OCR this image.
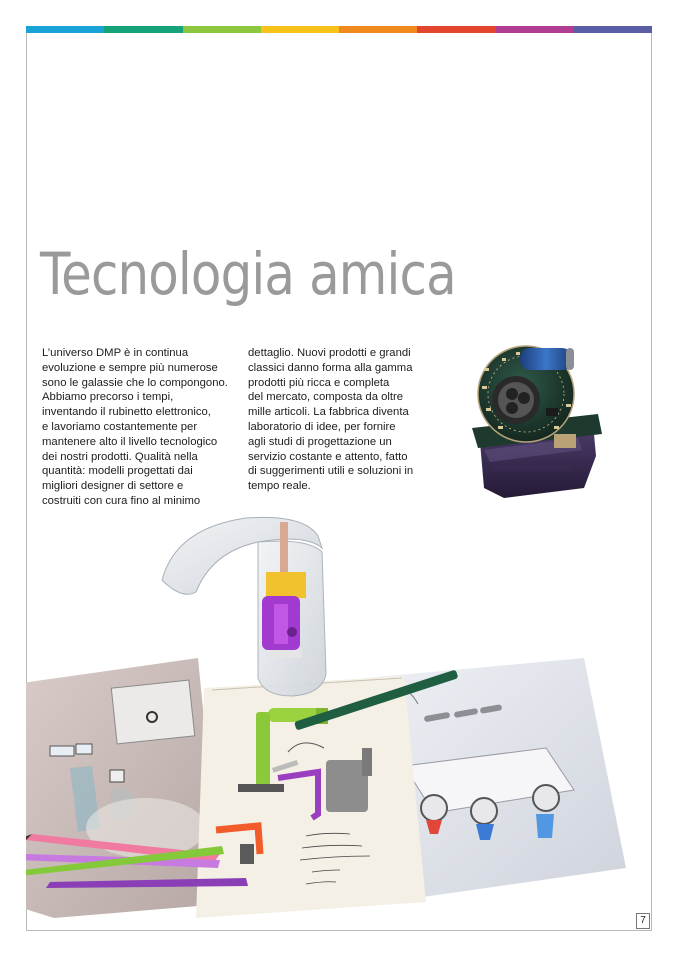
Tecnologia amica
L’universo DMP è in continua
evoluzione e sempre più numerose
sono le galassie che lo compongono.
Abbiamo precorso i tempi,
inventando il rubinetto elettronico,
e lavoriamo costantemente per
mantenere alto il livello tecnologico
dei nostri prodotti. Qualità nella
quantità: modelli progettati dai
migliori designer di settore e
costruiti con cura fino al minimo
dettaglio. Nuovi prodotti e grandi
classici danno forma alla gamma
prodotti più ricca e completa
del mercato, composta da oltre
mille articoli. La fabbrica diventa
laboratorio di idee, per fornire
agli studi di progettazione un
servizio costante e attento, fatto
di suggerimenti utili e soluzioni in
tempo reale.
7
